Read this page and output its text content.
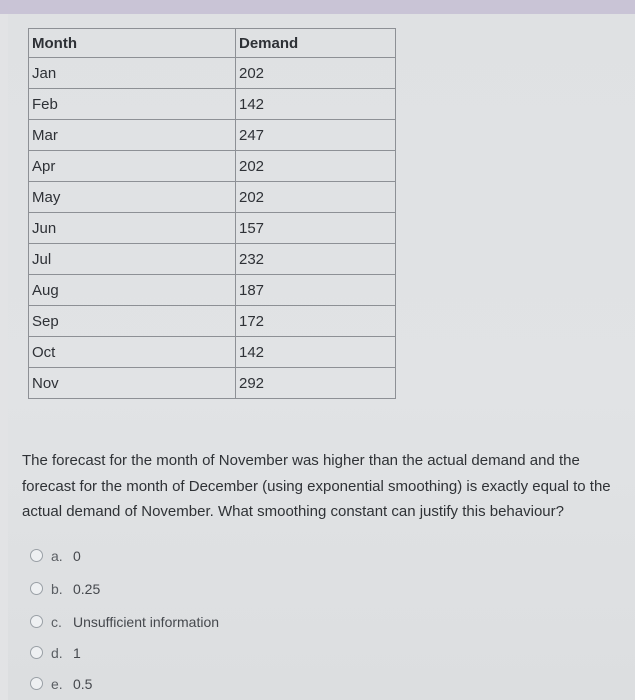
Month	Demand
Jan	202
Feb	142
Mar	247
Apr	202
May	202
Jun	157
Jul	232
Aug	187
Sep	172
Oct	142
Nov	292
The forecast for the month of November was higher than the actual demand and the forecast for the month of December (using exponential smoothing) is exactly equal to the actual demand of November. What smoothing constant can justify this behaviour?
a. 0
b. 0.25
c. Unsufficient information
d. 1
e. 0.5
